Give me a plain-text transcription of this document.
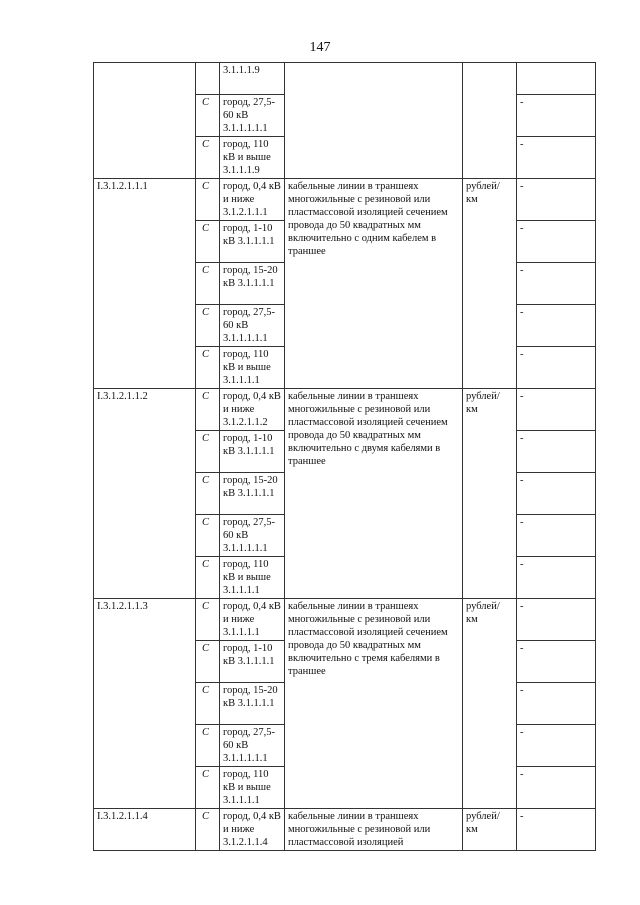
147
		3.1.1.1.9			
	C	город, 27,5-60 кВ 3.1.1.1.1.1			-
	C	город, 110 кВ и выше 3.1.1.1.9			-
I.3.1.2.1.1.1	C	город, 0,4 кВ и ниже 3.1.2.1.1.1	кабельные линии в траншеях многожильные с резиновой или пластмассовой изоляцией сечением провода до 50 квадратных мм включительно с одним кабелем в траншее	рублей/ км	-
	C	город, 1-10 кВ 3.1.1.1.1			-
	C	город, 15-20 кВ 3.1.1.1.1			-
	C	город, 27,5-60 кВ 3.1.1.1.1.1			-
	C	город, 110 кВ и выше 3.1.1.1.1			-
I.3.1.2.1.1.2	C	город, 0,4 кВ и ниже 3.1.2.1.1.2	кабельные линии в траншеях многожильные с резиновой или пластмассовой изоляцией сечением провода до 50 квадратных мм включительно с двумя кабелями в траншее	рублей/ км	-
	C	город, 1-10 кВ 3.1.1.1.1			-
	C	город, 15-20 кВ 3.1.1.1.1			-
	C	город, 27,5-60 кВ 3.1.1.1.1.1			-
	C	город, 110 кВ и выше 3.1.1.1.1			-
I.3.1.2.1.1.3	C	город, 0,4 кВ и ниже 3.1.1.1.1	кабельные линии в траншеях многожильные с резиновой или пластмассовой изоляцией сечением провода до 50 квадратных мм включительно с тремя кабелями в траншее	рублей/ км	-
	C	город, 1-10 кВ 3.1.1.1.1			-
	C	город, 15-20 кВ 3.1.1.1.1			-
	C	город, 27,5-60 кВ 3.1.1.1.1.1			-
	C	город, 110 кВ и выше 3.1.1.1.1			-
I.3.1.2.1.1.4	C	город, 0,4 кВ и ниже 3.1.2.1.1.4	кабельные линии в траншеях многожильные с резиновой или пластмассовой изоляцией	рублей/ км	-
